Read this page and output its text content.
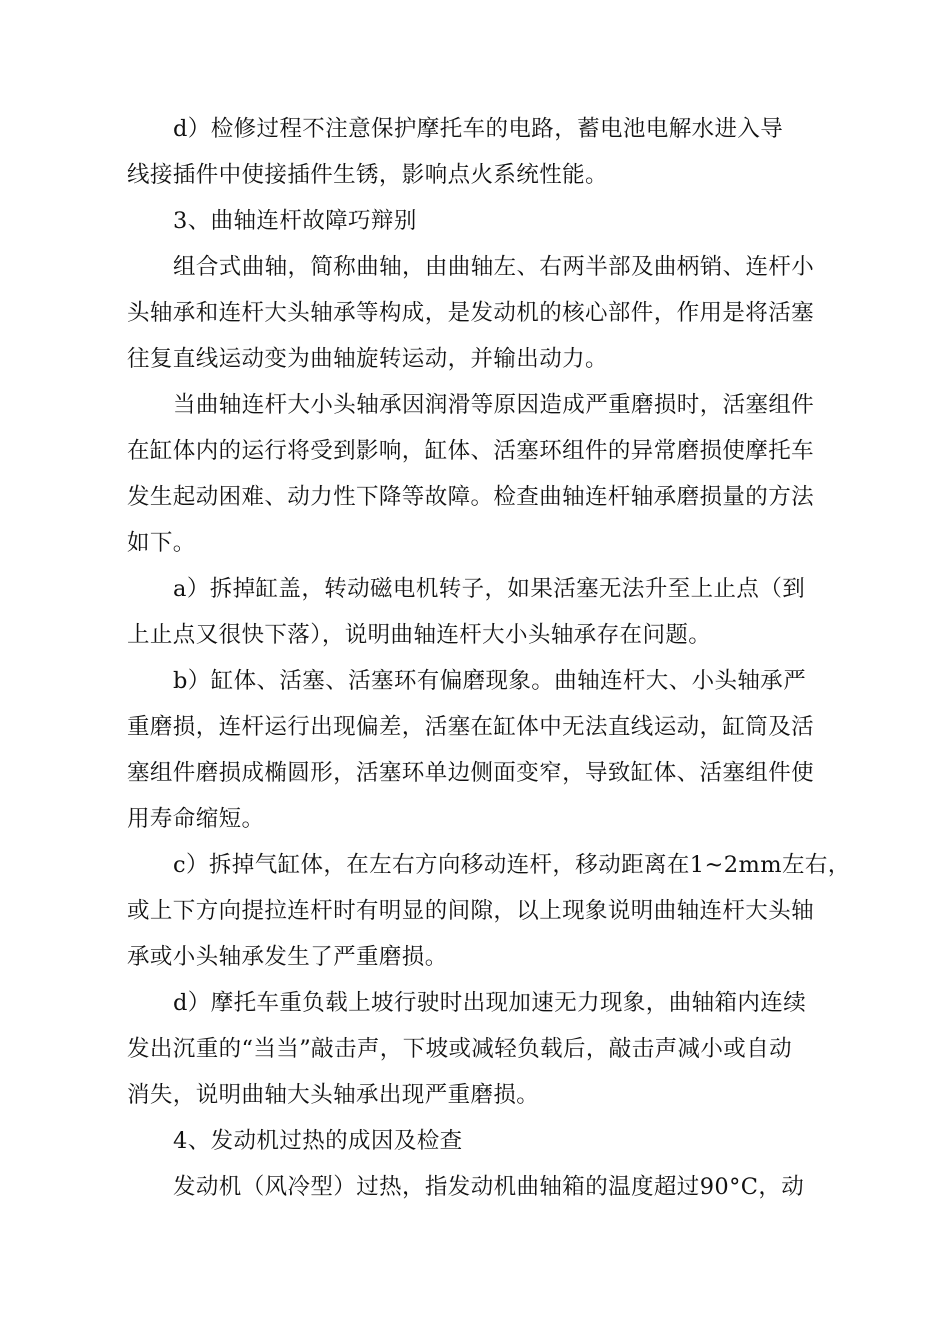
d）检修过程不注意保护摩托车的电路，蓄电池电解水进入导
线接插件中使接插件生锈，影响点火系统性能。
3、曲轴连杆故障巧辩别
组合式曲轴，简称曲轴，由曲轴左、右两半部及曲柄销、连杆小
头轴承和连杆大头轴承等构成，是发动机的核心部件，作用是将活塞
往复直线运动变为曲轴旋转运动，并输出动力。
当曲轴连杆大小头轴承因润滑等原因造成严重磨损时，活塞组件
在缸体内的运行将受到影响，缸体、活塞环组件的异常磨损使摩托车
发生起动困难、动力性下降等故障。检查曲轴连杆轴承磨损量的方法
如下。
a）拆掉缸盖，转动磁电机转子，如果活塞无法升至上止点（到
上止点又很快下落），说明曲轴连杆大小头轴承存在问题。
b）缸体、活塞、活塞环有偏磨现象。曲轴连杆大、小头轴承严
重磨损，连杆运行出现偏差，活塞在缸体中无法直线运动，缸筒及活
塞组件磨损成椭圆形，活塞环单边侧面变窄，导致缸体、活塞组件使
用寿命缩短。
c）拆掉气缸体，在左右方向移动连杆，移动距离在1~2mm左右，
或上下方向提拉连杆时有明显的间隙，以上现象说明曲轴连杆大头轴
承或小头轴承发生了严重磨损。
d）摩托车重负载上坡行驶时出现加速无力现象，曲轴箱内连续
发出沉重的“当当”敲击声，下坡或减轻负载后，敲击声减小或自动
消失，说明曲轴大头轴承出现严重磨损。
4、发动机过热的成因及检查
发动机（风冷型）过热，指发动机曲轴箱的温度超过90°C，动
